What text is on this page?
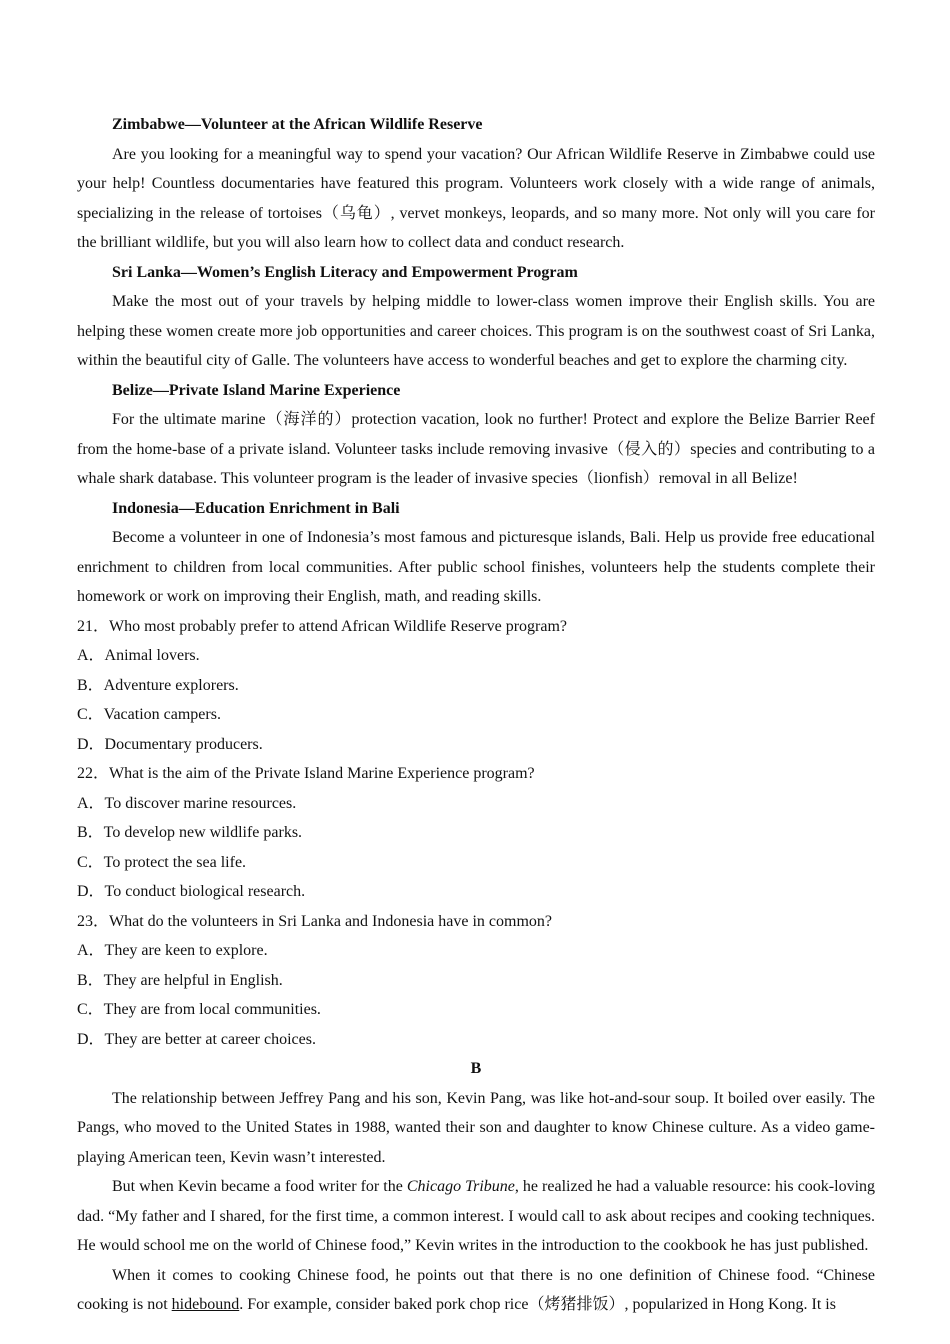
Zimbabwe—Volunteer at the African Wildlife Reserve

Are you looking for a meaningful way to spend your vacation? Our African Wildlife Reserve in Zimbabwe could use your help! Countless documentaries have featured this program. Volunteers work closely with a wide range of animals, specializing in the release of tortoises（乌龟）, vervet monkeys, leopards, and so many more. Not only will you care for the brilliant wildlife, but you will also learn how to collect data and conduct research.

Sri Lanka—Women’s English Literacy and Empowerment Program

Make the most out of your travels by helping middle to lower-class women improve their English skills. You are helping these women create more job opportunities and career choices. This program is on the southwest coast of Sri Lanka, within the beautiful city of Galle. The volunteers have access to wonderful beaches and get to explore the charming city.

Belize—Private Island Marine Experience

For the ultimate marine（海洋的）protection vacation, look no further! Protect and explore the Belize Barrier Reef from the home-base of a private island. Volunteer tasks include removing invasive（侵入的）species and contributing to a whale shark database. This volunteer program is the leader of invasive species（lionfish）removal in all Belize!

Indonesia—Education Enrichment in Bali

Become a volunteer in one of Indonesia’s most famous and picturesque islands, Bali. Help us provide free educational enrichment to children from local communities. After public school finishes, volunteers help the students complete their homework or work on improving their English, math, and reading skills.

21．Who most probably prefer to attend African Wildlife Reserve program?

A．Animal lovers.
B．Adventure explorers.
C．Vacation campers.
D．Documentary producers.

22．What is the aim of the Private Island Marine Experience program?

A．To discover marine resources.
B．To develop new wildlife parks.
C．To protect the sea life.
D．To conduct biological research.

23．What do the volunteers in Sri Lanka and Indonesia have in common?

A．They are keen to explore.
B．They are helpful in English.
C．They are from local communities.
D．They are better at career choices.

B

The relationship between Jeffrey Pang and his son, Kevin Pang, was like hot-and-sour soup. It boiled over easily. The Pangs, who moved to the United States in 1988, wanted their son and daughter to know Chinese culture. As a video game-playing American teen, Kevin wasn’t interested.

But when Kevin became a food writer for the Chicago Tribune, he realized he had a valuable resource: his cook-loving dad. “My father and I shared, for the first time, a common interest. I would call to ask about recipes and cooking techniques. He would school me on the world of Chinese food,” Kevin writes in the introduction to the cookbook he has just published.

When it comes to cooking Chinese food, he points out that there is no one definition of Chinese food. “Chinese cooking is not hidebound. For example, consider baked pork chop rice（烤猪排饭）, popularized in Hong Kong. It is
